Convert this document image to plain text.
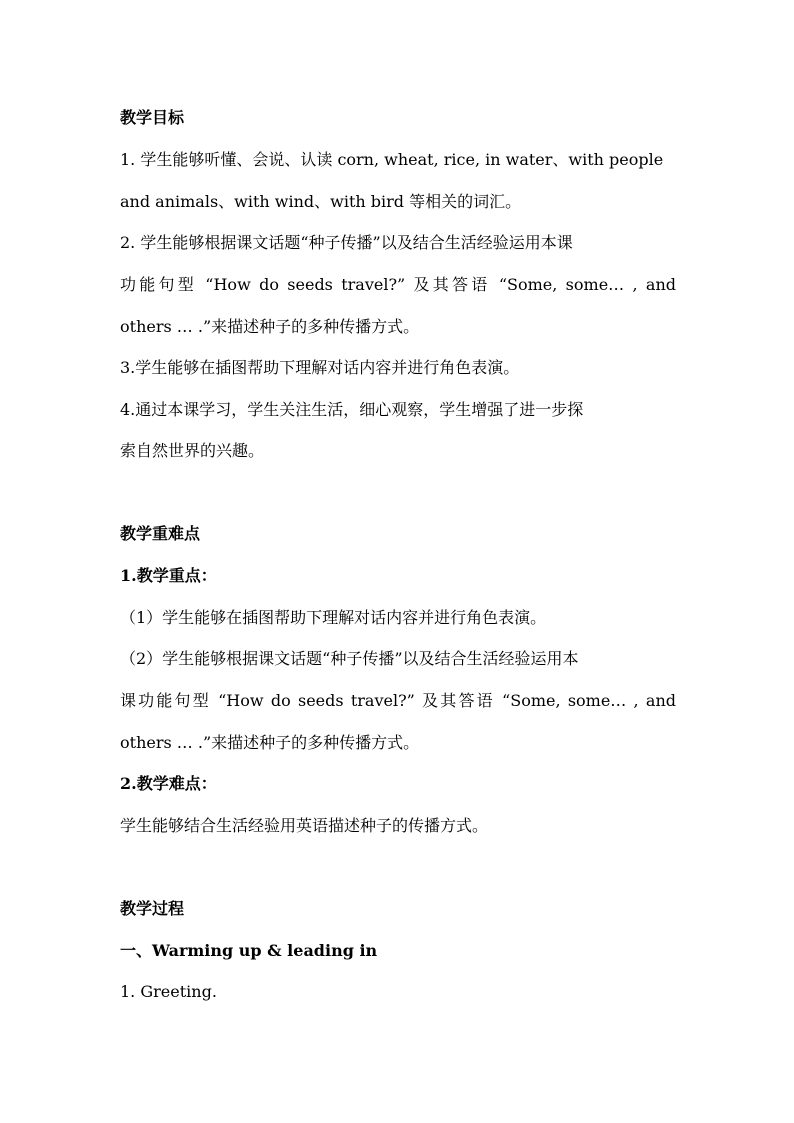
教学目标
1. 学生能够听懂、会说、认读 corn, wheat, rice, in water、with people
and animals、with wind、with bird 等相关的词汇。
2. 学生能够根据课文话题“种子传播”以及结合生活经验运用本课
功能句型 “How do seeds travel?” 及其答语 “Some, some… , and
others … .”来描述种子的多种传播方式。
3.学生能够在插图帮助下理解对话内容并进行角色表演。
4.通过本课学习，学生关注生活，细心观察，学生增强了进一步探
索自然世界的兴趣。
教学重难点
1.教学重点：
（1）学生能够在插图帮助下理解对话内容并进行角色表演。
（2）学生能够根据课文话题“种子传播”以及结合生活经验运用本
课功能句型 “How do seeds travel?” 及其答语 “Some, some… , and
others … .”来描述种子的多种传播方式。
2.教学难点：
学生能够结合生活经验用英语描述种子的传播方式。
教学过程
一、Warming up & leading in
1. Greeting.
